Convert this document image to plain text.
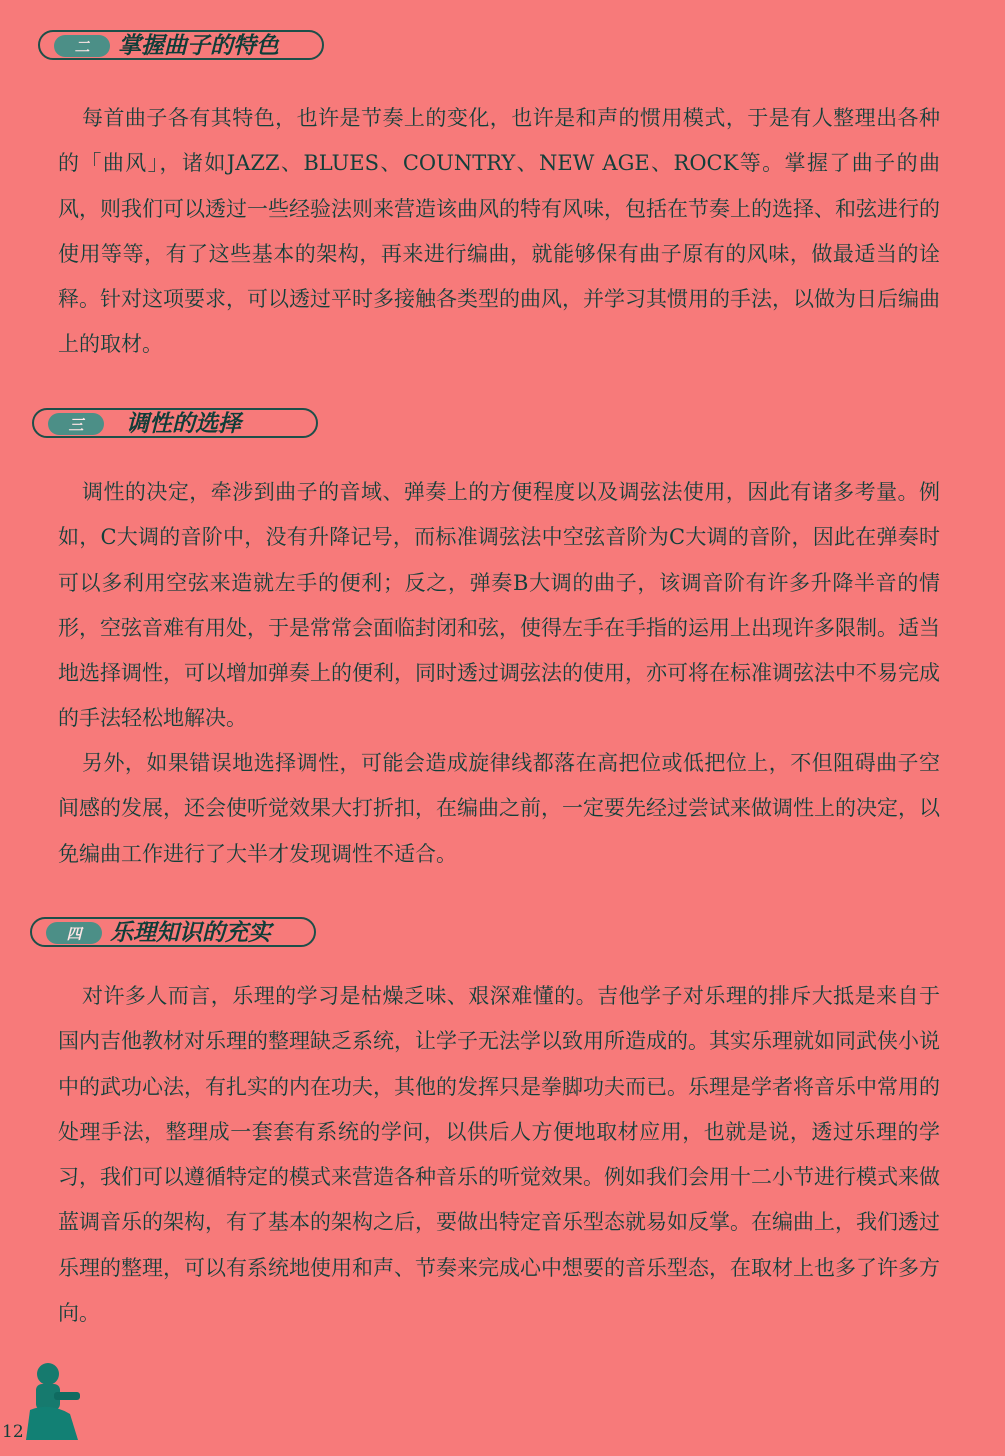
二	掌握曲子的特色

每首曲子各有其特色，也许是节奏上的变化，也许是和声的惯用模式，于是有人整理出各种的「曲风」，诸如JAZZ、BLUES、COUNTRY、NEW AGE、ROCK等。掌握了曲子的曲风，则我们可以透过一些经验法则来营造该曲风的特有风味，包括在节奏上的选择、和弦进行的使用等等，有了这些基本的架构，再来进行编曲，就能够保有曲子原有的风味，做最适当的诠释。针对这项要求，可以透过平时多接触各类型的曲风，并学习其惯用的手法，以做为日后编曲上的取材。

三	调性的选择

调性的决定，牵涉到曲子的音域、弹奏上的方便程度以及调弦法使用，因此有诸多考量。例如，C大调的音阶中，没有升降记号，而标准调弦法中空弦音阶为C大调的音阶，因此在弹奏时可以多利用空弦来造就左手的便利；反之，弹奏B大调的曲子，该调音阶有许多升降半音的情形，空弦音难有用处，于是常常会面临封闭和弦，使得左手在手指的运用上出现许多限制。适当地选择调性，可以增加弹奏上的便利，同时透过调弦法的使用，亦可将在标准调弦法中不易完成的手法轻松地解决。

另外，如果错误地选择调性，可能会造成旋律线都落在高把位或低把位上，不但阻碍曲子空间感的发展，还会使听觉效果大打折扣，在编曲之前，一定要先经过尝试来做调性上的决定，以免编曲工作进行了大半才发现调性不适合。

四	乐理知识的充实

对许多人而言，乐理的学习是枯燥乏味、艰深难懂的。吉他学子对乐理的排斥大抵是来自于国内吉他教材对乐理的整理缺乏系统，让学子无法学以致用所造成的。其实乐理就如同武侠小说中的武功心法，有扎实的内在功夫，其他的发挥只是拳脚功夫而已。乐理是学者将音乐中常用的处理手法，整理成一套套有系统的学问，以供后人方便地取材应用，也就是说，透过乐理的学习，我们可以遵循特定的模式来营造各种音乐的听觉效果。例如我们会用十二小节进行模式来做蓝调音乐的架构，有了基本的架构之后，要做出特定音乐型态就易如反掌。在编曲上，我们透过乐理的整理，可以有系统地使用和声、节奏来完成心中想要的音乐型态，在取材上也多了许多方向。

12
